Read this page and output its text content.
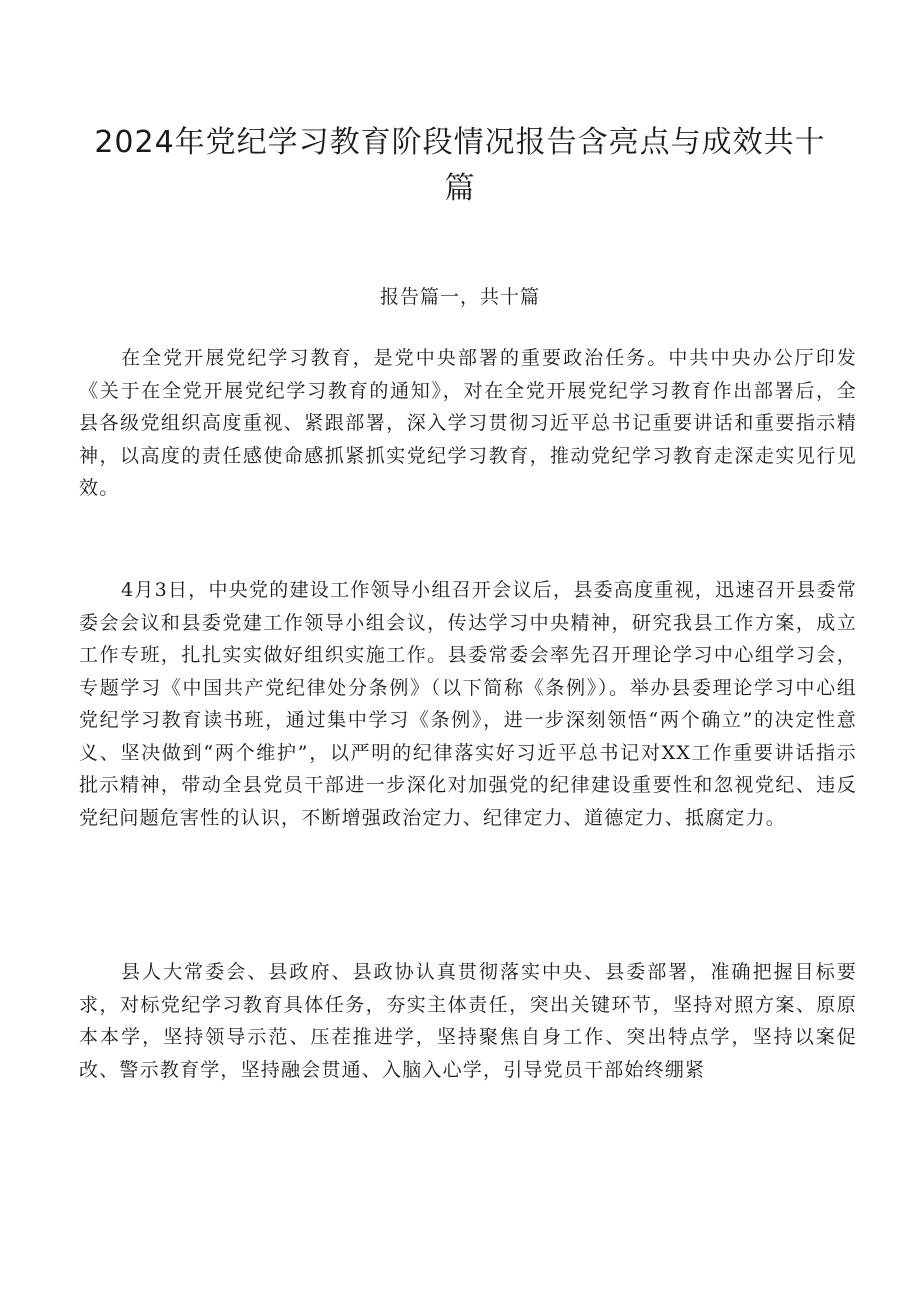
2024年党纪学习教育阶段情况报告含亮点与成效共十篇
报告篇一，共十篇

在全党开展党纪学习教育，是党中央部署的重要政治任务。中共中央办公厅印发《关于在全党开展党纪学习教育的通知》，对在全党开展党纪学习教育作出部署后，全县各级党组织高度重视、紧跟部署，深入学习贯彻习近平总书记重要讲话和重要指示精神，以高度的责任感使命感抓紧抓实党纪学习教育，推动党纪学习教育走深走实见行见效。

4月3日，中央党的建设工作领导小组召开会议后，县委高度重视，迅速召开县委常委会会议和县委党建工作领导小组会议，传达学习中央精神，研究我县工作方案，成立工作专班，扎扎实实做好组织实施工作。县委常委会率先召开理论学习中心组学习会，专题学习《中国共产党纪律处分条例》（以下简称《条例》）。举办县委理论学习中心组党纪学习教育读书班，通过集中学习《条例》，进一步深刻领悟“两个确立”的决定性意义、坚决做到“两个维护”，以严明的纪律落实好习近平总书记对XX工作重要讲话指示批示精神，带动全县党员干部进一步深化对加强党的纪律建设重要性和忽视党纪、违反党纪问题危害性的认识，不断增强政治定力、纪律定力、道德定力、抵腐定力。

县人大常委会、县政府、县政协认真贯彻落实中央、县委部署，准确把握目标要求，对标党纪学习教育具体任务，夯实主体责任，突出关键环节，坚持对照方案、原原本本学，坚持领导示范、压茬推进学，坚持聚焦自身工作、突出特点学，坚持以案促改、警示教育学，坚持融会贯通、入脑入心学，引导党员干部始终绷紧
